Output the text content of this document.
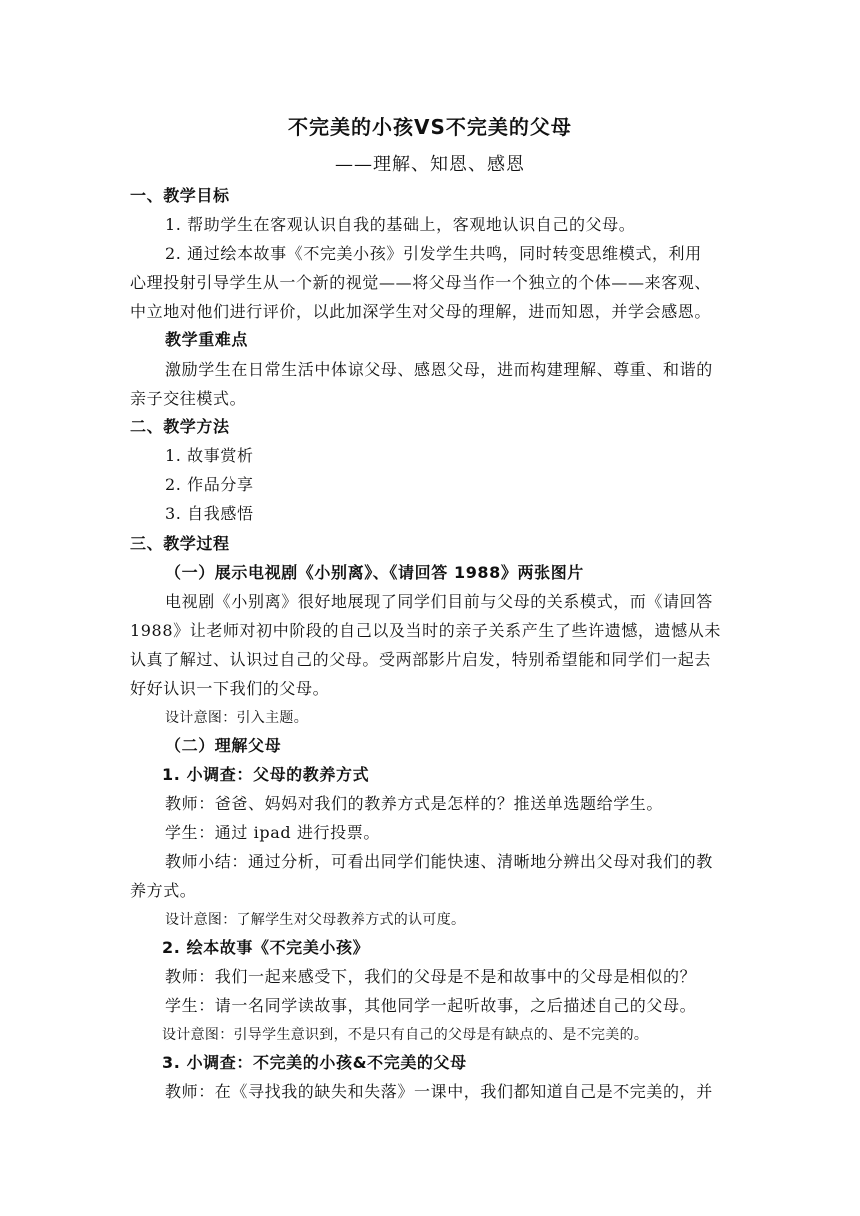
不完美的小孩VS不完美的父母
——理解、知恩、感恩
一、教学目标
1. 帮助学生在客观认识自我的基础上，客观地认识自己的父母。
2. 通过绘本故事《不完美小孩》引发学生共鸣，同时转变思维模式，利用
心理投射引导学生从一个新的视觉——将父母当作一个独立的个体——来客观、
中立地对他们进行评价，以此加深学生对父母的理解，进而知恩，并学会感恩。
教学重难点
激励学生在日常生活中体谅父母、感恩父母，进而构建理解、尊重、和谐的
亲子交往模式。
二、教学方法
1. 故事赏析
2. 作品分享
3. 自我感悟
三、教学过程
（一）展示电视剧《小别离》、《请回答 1988》两张图片
电视剧《小别离》很好地展现了同学们目前与父母的关系模式，而《请回答
1988》让老师对初中阶段的自己以及当时的亲子关系产生了些许遗憾，遗憾从未
认真了解过、认识过自己的父母。受两部影片启发，特别希望能和同学们一起去
好好认识一下我们的父母。
设计意图：引入主题。
（二）理解父母
1. 小调查：父母的教养方式
教师：爸爸、妈妈对我们的教养方式是怎样的？推送单选题给学生。
学生：通过 ipad 进行投票。
教师小结：通过分析，可看出同学们能快速、清晰地分辨出父母对我们的教
养方式。
设计意图：了解学生对父母教养方式的认可度。
2. 绘本故事《不完美小孩》
教师：我们一起来感受下，我们的父母是不是和故事中的父母是相似的？
学生：请一名同学读故事，其他同学一起听故事，之后描述自己的父母。
设计意图：引导学生意识到，不是只有自己的父母是有缺点的、是不完美的。
3. 小调查：不完美的小孩&不完美的父母
教师：在《寻找我的缺失和失落》一课中，我们都知道自己是不完美的，并
